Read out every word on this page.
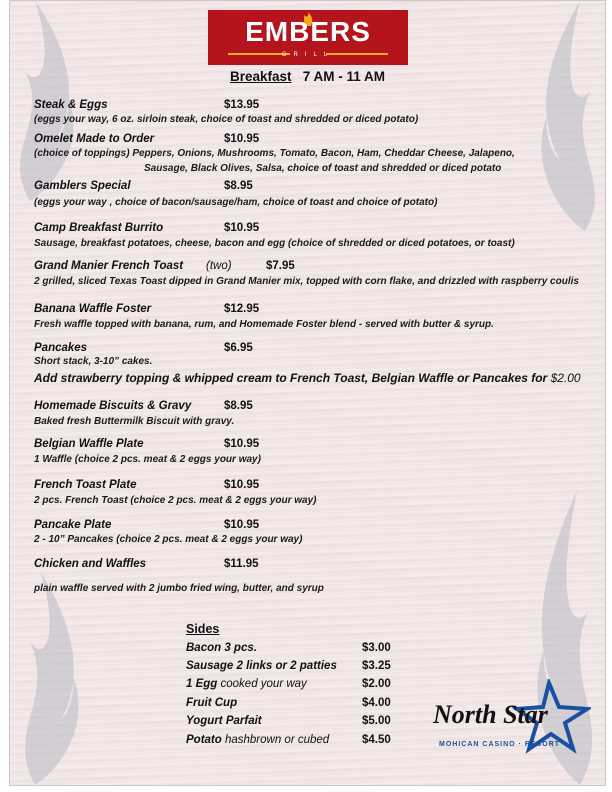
EMBERS
GRILL
Breakfast 7 AM - 11 AM
Steak & Eggs	$13.95
(eggs your way, 6 oz. sirloin steak, choice of toast and shredded or diced potato)
Omelet Made to Order	$10.95
(choice of toppings) Peppers, Onions, Mushrooms, Tomato, Bacon, Ham, Cheddar Cheese, Jalapeno,
Sausage, Black Olives, Salsa, choice of toast and shredded or diced potato
Gamblers Special	$8.95
(eggs your way , choice of bacon/sausage/ham, choice of toast and choice of potato)
Camp Breakfast Burrito	$10.95
Sausage, breakfast potatoes, cheese, bacon and egg (choice of shredded or diced potatoes, or toast)
Grand Manier French Toast (two)	$7.95
2 grilled, sliced Texas Toast dipped in Grand Manier mix, topped with corn flake, and drizzled with raspberry coulis
Banana Waffle Foster	$12.95
Fresh waffle topped with banana, rum, and Homemade Foster blend - served with butter & syrup.
Pancakes	$6.95
Short stack, 3-10” cakes.
Homemade Biscuits & Gravy	$8.95
Baked fresh Buttermilk Biscuit with gravy.
Belgian Waffle Plate	$10.95
1 Waffle (choice 2 pcs. meat & 2 eggs your way)
French Toast Plate	$10.95
2 pcs. French Toast (choice 2 pcs. meat & 2 eggs your way)
Pancake Plate	$10.95
2 - 10” Pancakes (choice 2 pcs. meat & 2 eggs your way)
Chicken and Waffles	$11.95
plain waffle served with 2 jumbo fried wing, butter, and syrup
Add strawberry topping & whipped cream to French Toast, Belgian Waffle or Pancakes for $2.00
Sides
Bacon 3 pcs.	$3.00
Sausage 2 links or 2 patties $3.25
1 Egg cooked your way	$2.00
Fruit Cup	$4.00
Yogurt Parfait	$5.00
Potato hashbrown or cubed	$4.50
North Star
MOHICAN CASINO · RESORT
